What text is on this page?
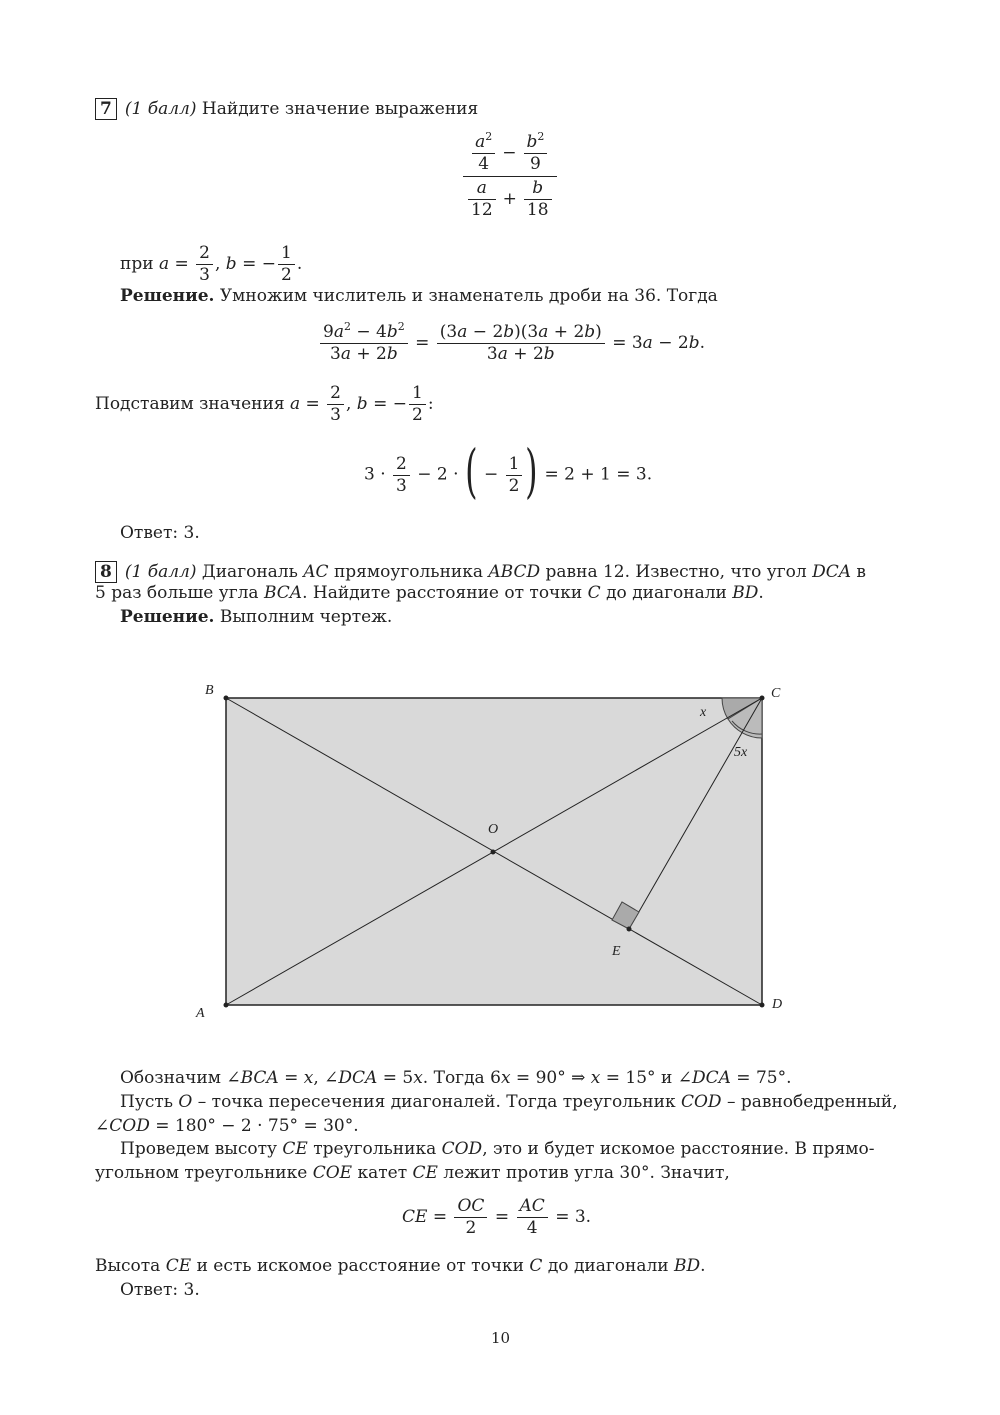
7 (1 балл) Найдите значение выражения
$\frac{\frac{a^2}{4} - \frac{b^2}{9}}{\frac{a}{12} + \frac{b}{18}}$
при $a = \frac{2}{3}$ , b = − $\frac{1}{2}$ .
Решение. Умножим числитель и знаменатель дроби на 36. Тогда
$\frac{9a^2 - 4b^2}{3a + 2b} = \frac{(3a - 2b)(3a + 2b)}{3a + 2b} = 3a - 2b$.
Подставим значения $a = \frac{2}{3}$ , b = − $\frac{1}{2}$ :
$3 \cdot \frac{2}{3} - 2$ · ( − $\frac{1}{2}$ ) = 2 + 1 = 3.
Ответ: 3.
8 (1 балл) Диагональ AC прямоугольника ABCD равна 12. Известно, что угол DCA в
5 раз больше угла BCA. Найдите расстояние от точки C до диагонали BD.
Решение. Выполним чертеж.
B	C
A
D
O
E
x
5x
Обозначим ∠BCA = x, ∠DCA = 5x. Тогда 6x = 90° ⇒ x = 15° и ∠DCA = 75°.
Пусть O – точка пересечения диагоналей. Тогда треугольник COD – равнобедренный,
∠COD = 180° − 2 · 75° = 30°.
Проведем высоту CE треугольника COD, это и будет искомое расстояние. В прямо-
угольном треугольнике COE катет CE лежит против угла 30°. Значит,
CE = $\frac{OC}{2} = \frac{AC}{4} = 3$.
Высота CE и есть искомое расстояние от точки C до диагонали BD.
Ответ: 3.
10
